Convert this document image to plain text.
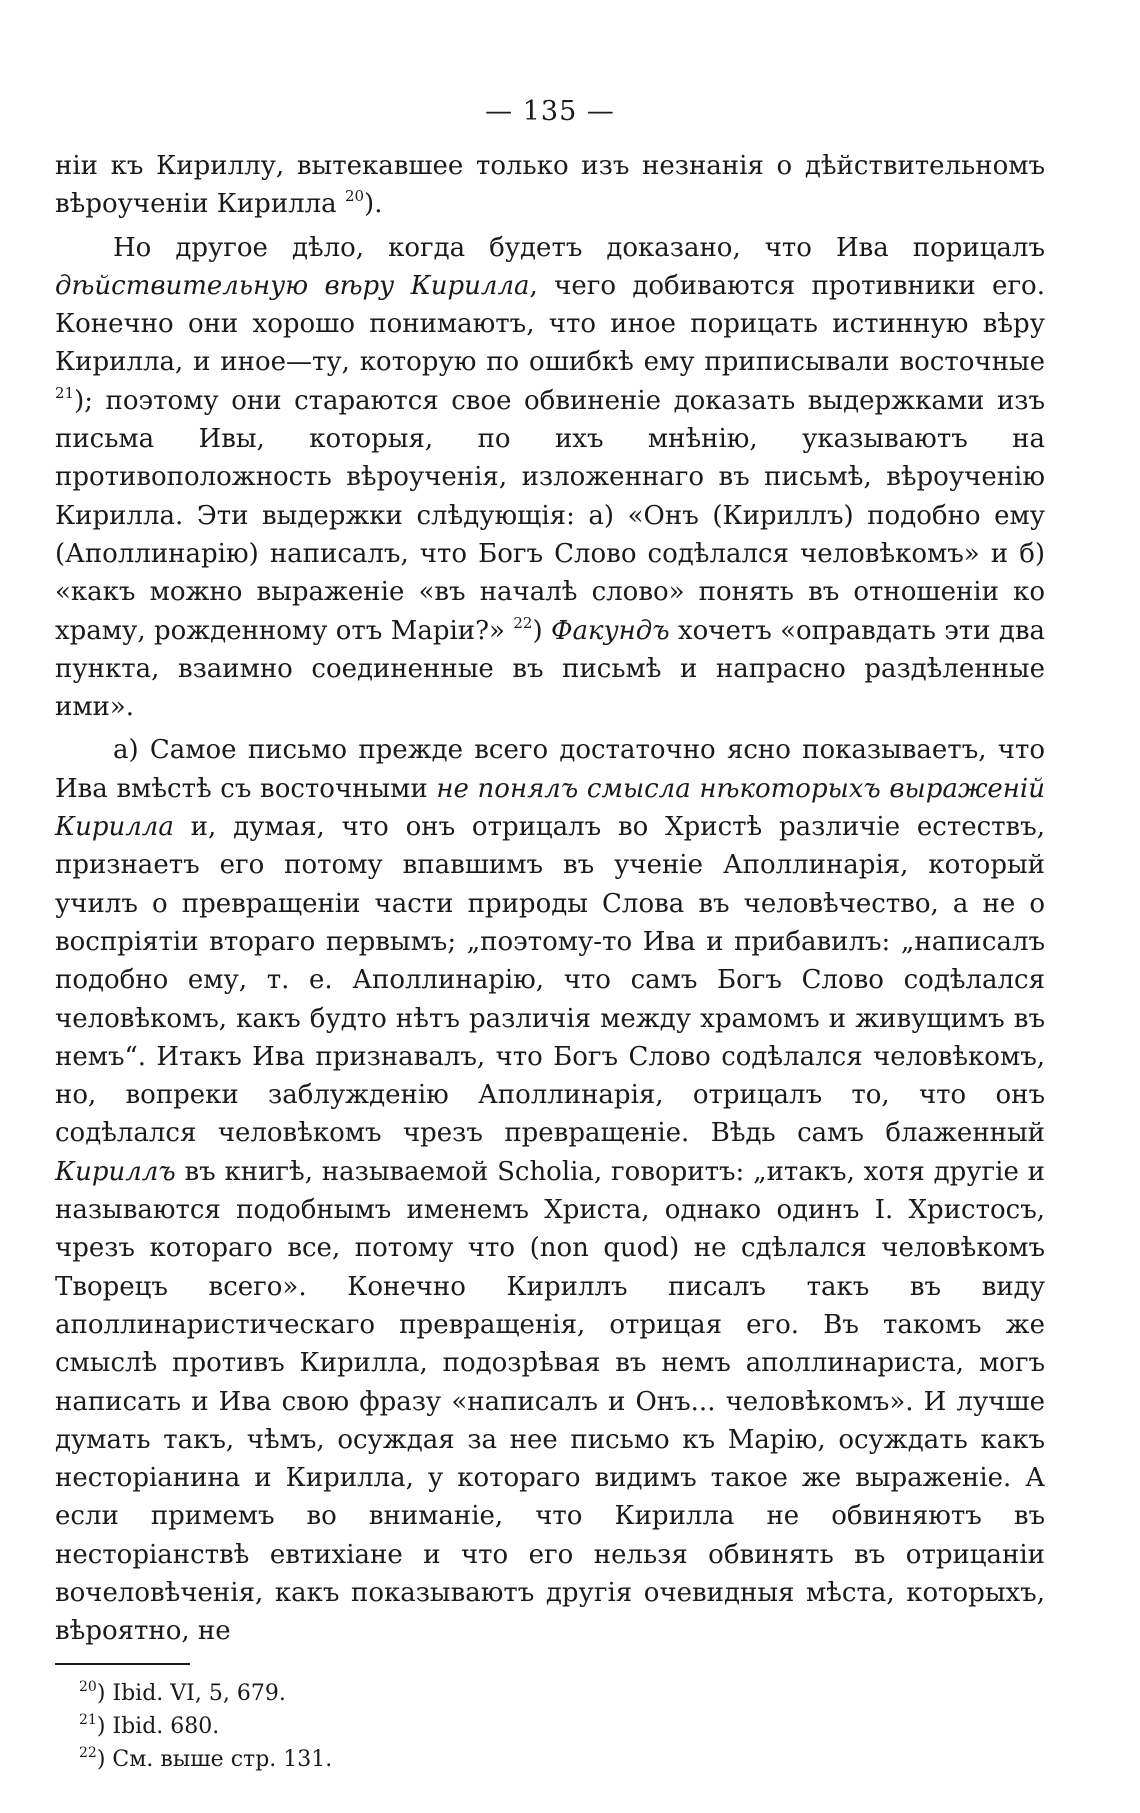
— 135 —

ніи къ Кириллу, вытекавшее только изъ незнанія о дѣйствительномъ вѣроученіи Кирилла $^{20}$).

Но другое дѣло, когда будетъ доказано, что Ива порицалъ дѣйствительную вѣру Кирилла, чего добиваются противники его. Конечно они хорошо понимаютъ, что иное порицать истинную вѣру Кирилла, и иное—ту, которую по ошибкѣ ему приписывали восточные $^{21}$); поэтому они стараются свое обвиненіе доказать выдержками изъ письма Ивы, которыя, по ихъ мнѣнію, указываютъ на противоположность вѣроученія, изложеннаго въ письмѣ, вѣроученію Кирилла. Эти выдержки слѣдующія: а) «Онъ (Кириллъ) подобно ему (Аполлинарію) написалъ, что Богъ Слово содѣлался человѣкомъ» и б) «какъ можно выраженіе «въ началѣ слово» понять въ отношеніи ко храму, рожденному отъ Маріи?» $^{22}$) Факундъ хочетъ «оправдать эти два пункта, взаимно соединенные въ письмѣ и напрасно раздѣленные ими».

а) Самое письмо прежде всего достаточно ясно показываетъ, что Ива вмѣстѣ съ восточными не понялъ смысла нѣкоторыхъ выраженій Кирилла и, думая, что онъ отрицалъ во Христѣ различіе естествъ, признаетъ его потому впавшимъ въ ученіе Аполлинарія, который училъ о превращеніи части природы Слова въ человѣчество, а не о воспріятіи втораго первымъ; „поэтому-то Ива и прибавилъ: „написалъ подобно ему, т. е. Аполлинарію, что самъ Богъ Слово содѣлался человѣкомъ, какъ будто нѣтъ различія между храмомъ и живущимъ въ немъ“. Итакъ Ива признавалъ, что Богъ Слово содѣлался человѣкомъ, но, вопреки заблужденію Аполлинарія, отрицалъ то, что онъ содѣлался человѣкомъ чрезъ превращеніе. Вѣдь самъ блаженный Кириллъ въ книгѣ, называемой Scholia, говоритъ: „итакъ, хотя другіе и называются подобнымъ именемъ Христа, однако одинъ І. Христосъ, чрезъ котораго все, потому что (non quod) не сдѣлался человѣкомъ Творецъ всего». Конечно Кириллъ писалъ такъ въ виду аполлинаристическаго превращенія, отрицая его. Въ такомъ же смыслѣ противъ Кирилла, подозрѣвая въ немъ аполлинариста, могъ написать и Ива свою фразу «написалъ и Онъ... человѣкомъ». И лучше думать такъ, чѣмъ, осуждая за нее письмо къ Марію, осуждать какъ несторіанина и Кирилла, у котораго видимъ такое же выраженіе. А если примемъ во вниманіе, что Кирилла не обвиняютъ въ несторіанствѣ евтихіане и что его нельзя обвинять въ отрицаніи вочеловѣченія, какъ показываютъ другія очевидныя мѣста, которыхъ, вѣроятно, не

$^{20}$) Ibid. VI, 5, 679.
$^{21}$) Ibid. 680.
$^{22}$) См. выше стр. 131.
